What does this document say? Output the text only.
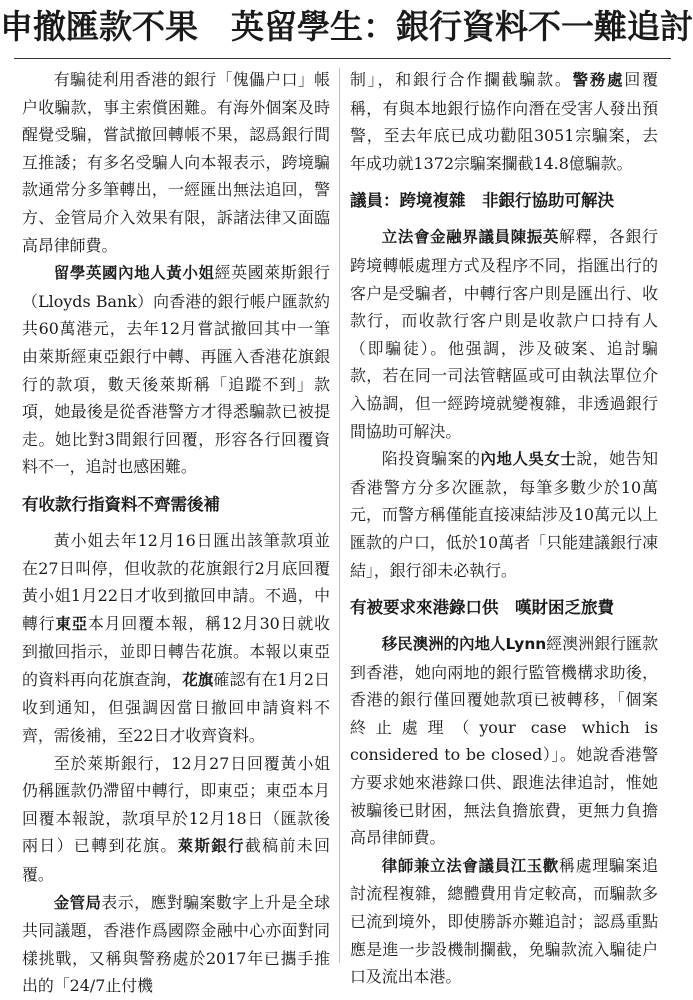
申撤匯款不果　英留學生：銀行資料不一難追討

有騙徒利用香港的銀行「傀儡户口」帳户收騙款，事主索償困難。有海外個案及時醒覺受騙，嘗試撤回轉帳不果，認爲銀行間互推諉；有多名受騙人向本報表示，跨境騙款通常分多筆轉出，一經匯出無法追回，警方、金管局介入效果有限，訴諸法律又面臨高昂律師費。

留學英國內地人黃小姐經英國萊斯銀行（Lloyds Bank）向香港的銀行帳户匯款約共60萬港元，去年12月嘗試撤回其中一筆由萊斯經東亞銀行中轉、再匯入香港花旗銀行的款項，數天後萊斯稱「追蹤不到」款項，她最後是從香港警方才得悉騙款已被提走。她比對3間銀行回覆，形容各行回覆資料不一，追討也感困難。

有收款行指資料不齊需後補

黃小姐去年12月16日匯出該筆款項並在27日叫停，但收款的花旗銀行2月底回覆黃小姐1月22日才收到撤回申請。不過，中轉行東亞本月回覆本報，稱12月30日就收到撤回指示，並即日轉告花旗。本報以東亞的資料再向花旗查詢，花旗確認有在1月2日收到通知，但强調因當日撤回申請資料不齊，需後補，至22日才收齊資料。

至於萊斯銀行，12月27日回覆黃小姐仍稱匯款仍滯留中轉行，即東亞；東亞本月回覆本報說，款項早於12月18日（匯款後兩日）已轉到花旗。萊斯銀行截稿前未回覆。

金管局表示，應對騙案數字上升是全球共同議題，香港作爲國際金融中心亦面對同樣挑戰，又稱與警務處於2017年已攜手推出的「24/7止付機

制」，和銀行合作攔截騙款。警務處回覆稱，有與本地銀行協作向潛在受害人發出預警，至去年底已成功勸阻3051宗騙案，去年成功就1372宗騙案攔截14.8億騙款。

議員：跨境複雜　非銀行協助可解決

立法會金融界議員陳振英解釋，各銀行跨境轉帳處理方式及程序不同，指匯出行的客户是受騙者，中轉行客户則是匯出行、收款行，而收款行客户則是收款户口持有人（即騙徒）。他强調，涉及破案、追討騙款，若在同一司法管轄區或可由執法單位介入協調，但一經跨境就變複雜，非透過銀行間協助可解決。

陷投資騙案的內地人吳女士說，她告知香港警方分多次匯款，每筆多數少於10萬元，而警方稱僅能直接凍結涉及10萬元以上匯款的户口，低於10萬者「只能建議銀行凍結」，銀行卻未必執行。

有被要求來港錄口供　嘆財困乏旅費

移民澳洲的內地人Lynn經澳洲銀行匯款到香港，她向兩地的銀行監管機構求助後，香港的銀行僅回覆她款項已被轉移，「個案終止處理（your case which is considered to be closed）」。她說香港警方要求她來港錄口供、跟進法律追討，惟她被騙後已財困，無法負擔旅費，更無力負擔高昂律師費。

律師兼立法會議員江玉歡稱處理騙案追討流程複雜，總體費用肯定較高，而騙款多已流到境外，即使勝訴亦難追討；認爲重點應是進一步設機制攔截，免騙款流入騙徒户口及流出本港。
